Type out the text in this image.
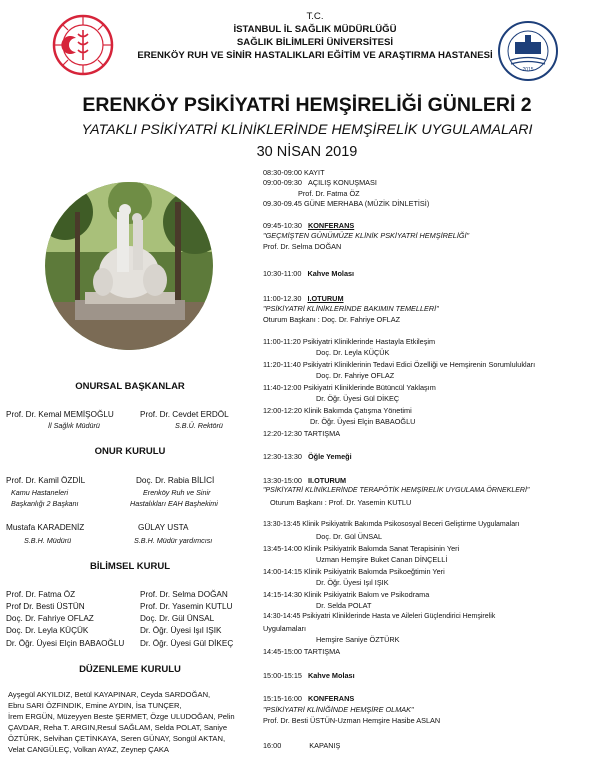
2015
T.C.
İSTANBUL İL SAĞLIK MÜDÜRLÜĞÜ
SAĞLIK BİLİMLERİ ÜNİVERSİTESİ
ERENKÖY RUH VE SİNİR HASTALIKLARI EĞİTİM VE ARAŞTIRMA HASTANESİ
ERENKÖY PSİKİYATRİ HEMŞİRELİĞİ GÜNLERİ 2
YATAKLI PSİKİYATRİ KLİNİKLERİNDE HEMŞİRELİK UYGULAMALARI
30 NİSAN 2019
ONURSAL BAŞKANLAR
Prof. Dr. Kemal MEMİŞOĞLU
İl Sağlık Müdürü
Prof. Dr. Cevdet ERDÖL
S.B.Ü. Rektörü
ONUR KURULU
Prof. Dr. Kamil ÖZDİL
Kamu Hastaneleri
Başkanlığı 2 Başkanı
Doç. Dr. Rabia BİLİCİ
Erenköy Ruh ve Sinir
Hastalıkları EAH Başhekimi
Mustafa KARADENİZ
S.B.H. Müdürü
GÜLAY USTA
S.B.H. Müdür yardımcısı
BİLİMSEL KURUL
Prof. Dr. Fatma ÖZ
Prof Dr. Besti ÜSTÜN
Doç. Dr. Fahriye OFLAZ
Doç. Dr. Leyla KÜÇÜK
Dr. Öğr. Üyesi Elçin BABAOĞLU
Prof. Dr. Selma DOĞAN
Prof. Dr. Yasemin KUTLU
Doç. Dr. Gül ÜNSAL
Dr. Öğr. Üyesi Işıl IŞIK
Dr. Öğr. Üyesi Gül DİKEÇ
DÜZENLEME KURULU
Ayşegül AKYILDIZ, Betül KAYAPINAR, Ceyda SARDOĞAN,
Ebru SARI ÖZFINDIK, Emine AYDIN, İsa TUNÇER,
İrem ERGÜN, Müzeyyen Beste ŞERMET, Özge ULUDOĞAN, Pelin
ÇAVDAR, Reha T. ARGIN,Resul SAĞLAM, Selda POLAT, Saniye
ÖZTÜRK, Selvihan ÇETİNKAYA, Seren GÜNAY, Songül AKTAN,
Velat CANGÜLEÇ, Volkan AYAZ, Zeynep ÇAKA
08:30-09:00 KAYIT
09:00-09:30 AÇILIŞ KONUŞMASI
Prof. Dr. Fatma ÖZ
09.30-09.45 GÜNE MERHABA (MÜZİK DİNLETİSİ)
09:45-10:30 KONFERANS
"GEÇMİŞTEN GÜNÜMÜZE KLİNİK PSKİYATRİ HEMŞİRELİĞİ"
Prof. Dr. Selma DOĞAN
10:30-11:00 Kahve Molası
11:00-12.30 I.OTURUM
"PSİKİYATRİ KLİNİKLERİNDE BAKIMIN TEMELLERİ"
Oturum Başkanı : Doç. Dr. Fahriye OFLAZ
11:00-11:20 Psikiyatri Kliniklerinde Hastayla Etkileşim
Doç. Dr. Leyla KÜÇÜK
11:20-11:40 Psikiyatri Kliniklerinin Tedavi Edici Özelliği ve Hemşirenin Sorumlulukları
Doç. Dr. Fahriye OFLAZ
11:40-12:00 Psikiyatri Kliniklerinde Bütüncül Yaklaşım
Dr. Öğr. Üyesi Gül DİKEÇ
12:00-12:20 Klinik Bakımda Çatışma Yönetimi
Dr. Öğr. Üyesi Elçin BABAOĞLU
12:20-12:30 TARTIŞMA
12:30-13:30 Öğle Yemeği
13:30-15:00 II.OTURUM
"PSİKİYATRİ KLİNİKLERİNDE TERAPÖTİK HEMŞİRELİK UYGULAMA ÖRNEKLERİ"
Oturum Başkanı : Prof. Dr. Yasemin KUTLU
13:30-13:45 Klinik Psikiyatrik Bakımda Psikososyal Beceri Geliştirme Uygulamaları
Doç. Dr. Gül ÜNSAL
13:45-14:00 Klinik Psikiyatrik Bakımda Sanat Terapisinin Yeri
Uzman Hemşire Buket Canan DİNÇELLİ
14:00-14:15 Klinik Psikiyatrik Bakımda Psikoeğtimin Yeri
Dr. Öğr. Üyesi Işıl IŞIK
14:15-14:30 Klinik Psikiyatrik Bakım ve Psikodrama
Dr. Selda POLAT
14:30-14:45 Psikiyatri Kliniklerinde Hasta ve Aileleri Güçlendirici Hemşirelik
Uygulamaları
Hemşire Saniye ÖZTÜRK
14:45-15:00 TARTIŞMA
15:00-15:15 Kahve Molası
15:15-16:00 KONFERANS
"PSİKİYATRİ KLİNİĞİNDE HEMŞİRE OLMAK"
Prof. Dr. Besti ÜSTÜN-Uzman Hemşire Hasibe ASLAN
16:00	KAPANIŞ
